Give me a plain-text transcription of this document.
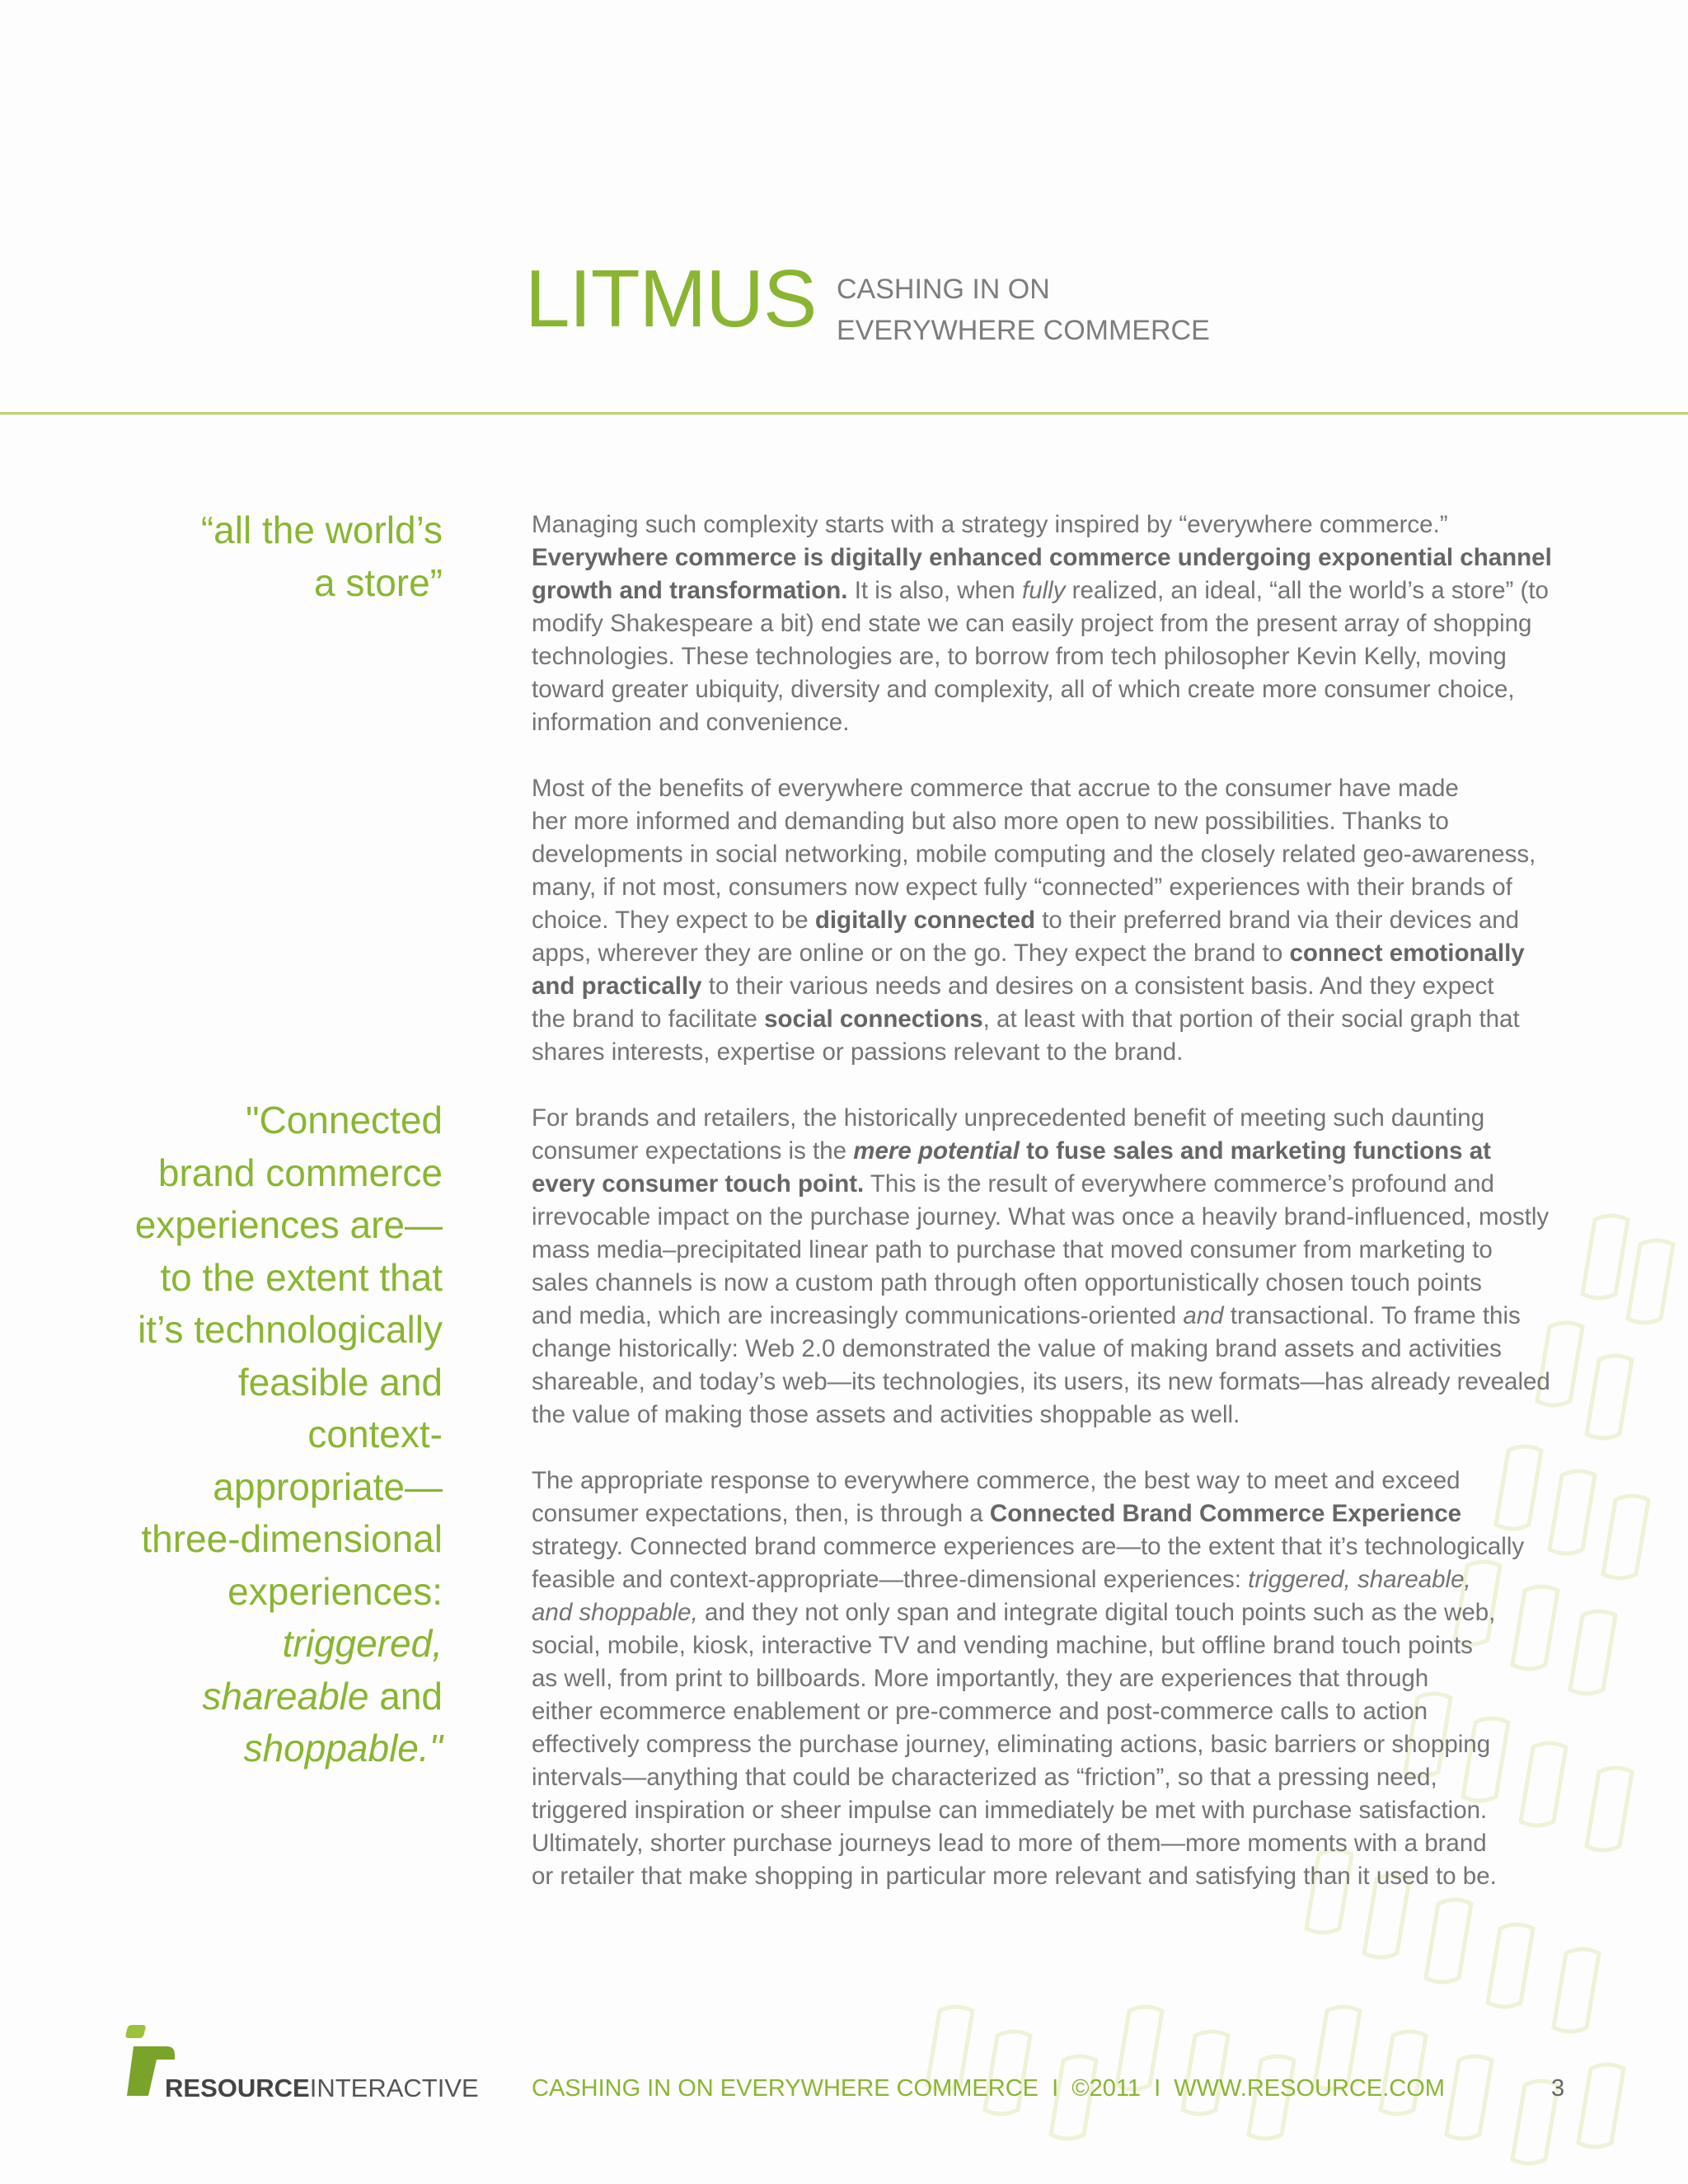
LITMUS CASHING IN ON
EVERYWHERE COMMERCE
“all the world’s
a store”
"Connected
brand commerce
experiences are—
to the extent that
it’s technologically
feasible and
context-
appropriate—
three-dimensional
experiences:
triggered,
shareable and
shoppable."
Managing such complexity starts with a strategy inspired by “everywhere commerce.”
Everywhere commerce is digitally enhanced commerce undergoing exponential channel
growth and transformation. It is also, when fully realized, an ideal, “all the world’s a store” (to
modify Shakespeare a bit) end state we can easily project from the present array of shopping
technologies. These technologies are, to borrow from tech philosopher Kevin Kelly, moving
toward greater ubiquity, diversity and complexity, all of which create more consumer choice,
information and convenience.
Most of the benefits of everywhere commerce that accrue to the consumer have made
her more informed and demanding but also more open to new possibilities. Thanks to
developments in social networking, mobile computing and the closely related geo-awareness,
many, if not most, consumers now expect fully “connected” experiences with their brands of
choice. They expect to be digitally connected to their preferred brand via their devices and
apps, wherever they are online or on the go. They expect the brand to connect emotionally
and practically to their various needs and desires on a consistent basis. And they expect
the brand to facilitate social connections, at least with that portion of their social graph that
shares interests, expertise or passions relevant to the brand.
For brands and retailers, the historically unprecedented benefit of meeting such daunting
consumer expectations is the mere potential to fuse sales and marketing functions at
every consumer touch point. This is the result of everywhere commerce’s profound and
irrevocable impact on the purchase journey. What was once a heavily brand-influenced, mostly
mass media–precipitated linear path to purchase that moved consumer from marketing to
sales channels is now a custom path through often opportunistically chosen touch points
and media, which are increasingly communications-oriented and transactional. To frame this
change historically: Web 2.0 demonstrated the value of making brand assets and activities
shareable, and today’s web—its technologies, its users, its new formats—has already revealed
the value of making those assets and activities shoppable as well.
The appropriate response to everywhere commerce, the best way to meet and exceed
consumer expectations, then, is through a Connected Brand Commerce Experience
strategy. Connected brand commerce experiences are—to the extent that it’s technologically
feasible and context-appropriate—three-dimensional experiences: triggered, shareable,
and shoppable, and they not only span and integrate digital touch points such as the web,
social, mobile, kiosk, interactive TV and vending machine, but offline brand touch points
as well, from print to billboards. More importantly, they are experiences that through
either ecommerce enablement or pre-commerce and post-commerce calls to action
effectively compress the purchase journey, eliminating actions, basic barriers or shopping
intervals—anything that could be characterized as “friction”, so that a pressing need,
triggered inspiration or sheer impulse can immediately be met with purchase satisfaction.
Ultimately, shorter purchase journeys lead to more of them—more moments with a brand
or retailer that make shopping in particular more relevant and satisfying than it used to be.
RESOURCEINTERACTIVE CASHING IN ON EVERYWHERE COMMERCE  I  ©2011  I  WWW.RESOURCE.COM	3
